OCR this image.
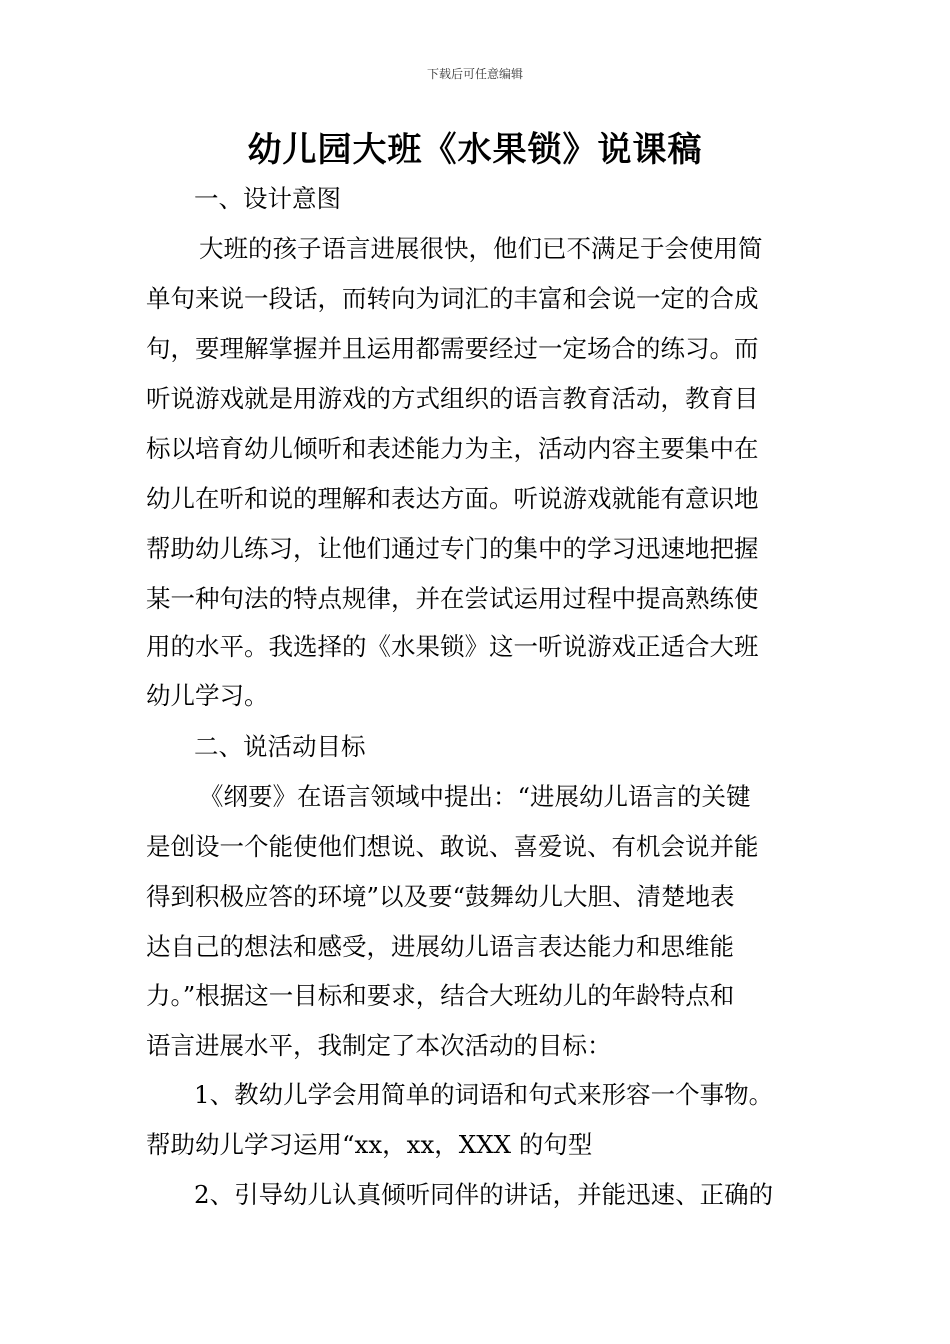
下载后可任意编辑
幼儿园大班《水果锁》说课稿
一、设计意图
大班的孩子语言进展很快，他们已不满足于会使用简
单句来说一段话，而转向为词汇的丰富和会说一定的合成
句，要理解掌握并且运用都需要经过一定场合的练习。而
听说游戏就是用游戏的方式组织的语言教育活动，教育目
标以培育幼儿倾听和表述能力为主，活动内容主要集中在
幼儿在听和说的理解和表达方面。听说游戏就能有意识地
帮助幼儿练习，让他们通过专门的集中的学习迅速地把握
某一种句法的特点规律，并在尝试运用过程中提高熟练使
用的水平。我选择的《水果锁》这一听说游戏正适合大班
幼儿学习。
二、说活动目标
《纲要》在语言领域中提出：“进展幼儿语言的关键
是创设一个能使他们想说、敢说、喜爱说、有机会说并能
得到积极应答的环境”以及要“鼓舞幼儿大胆、清楚地表
达自己的想法和感受，进展幼儿语言表达能力和思维能
力。”根据这一目标和要求，结合大班幼儿的年龄特点和
语言进展水平，我制定了本次活动的目标：
1、教幼儿学会用简单的词语和句式来形容一个事物。
帮助幼儿学习运用“xx，xx，XXX 的句型
2、引导幼儿认真倾听同伴的讲话，并能迅速、正确的
